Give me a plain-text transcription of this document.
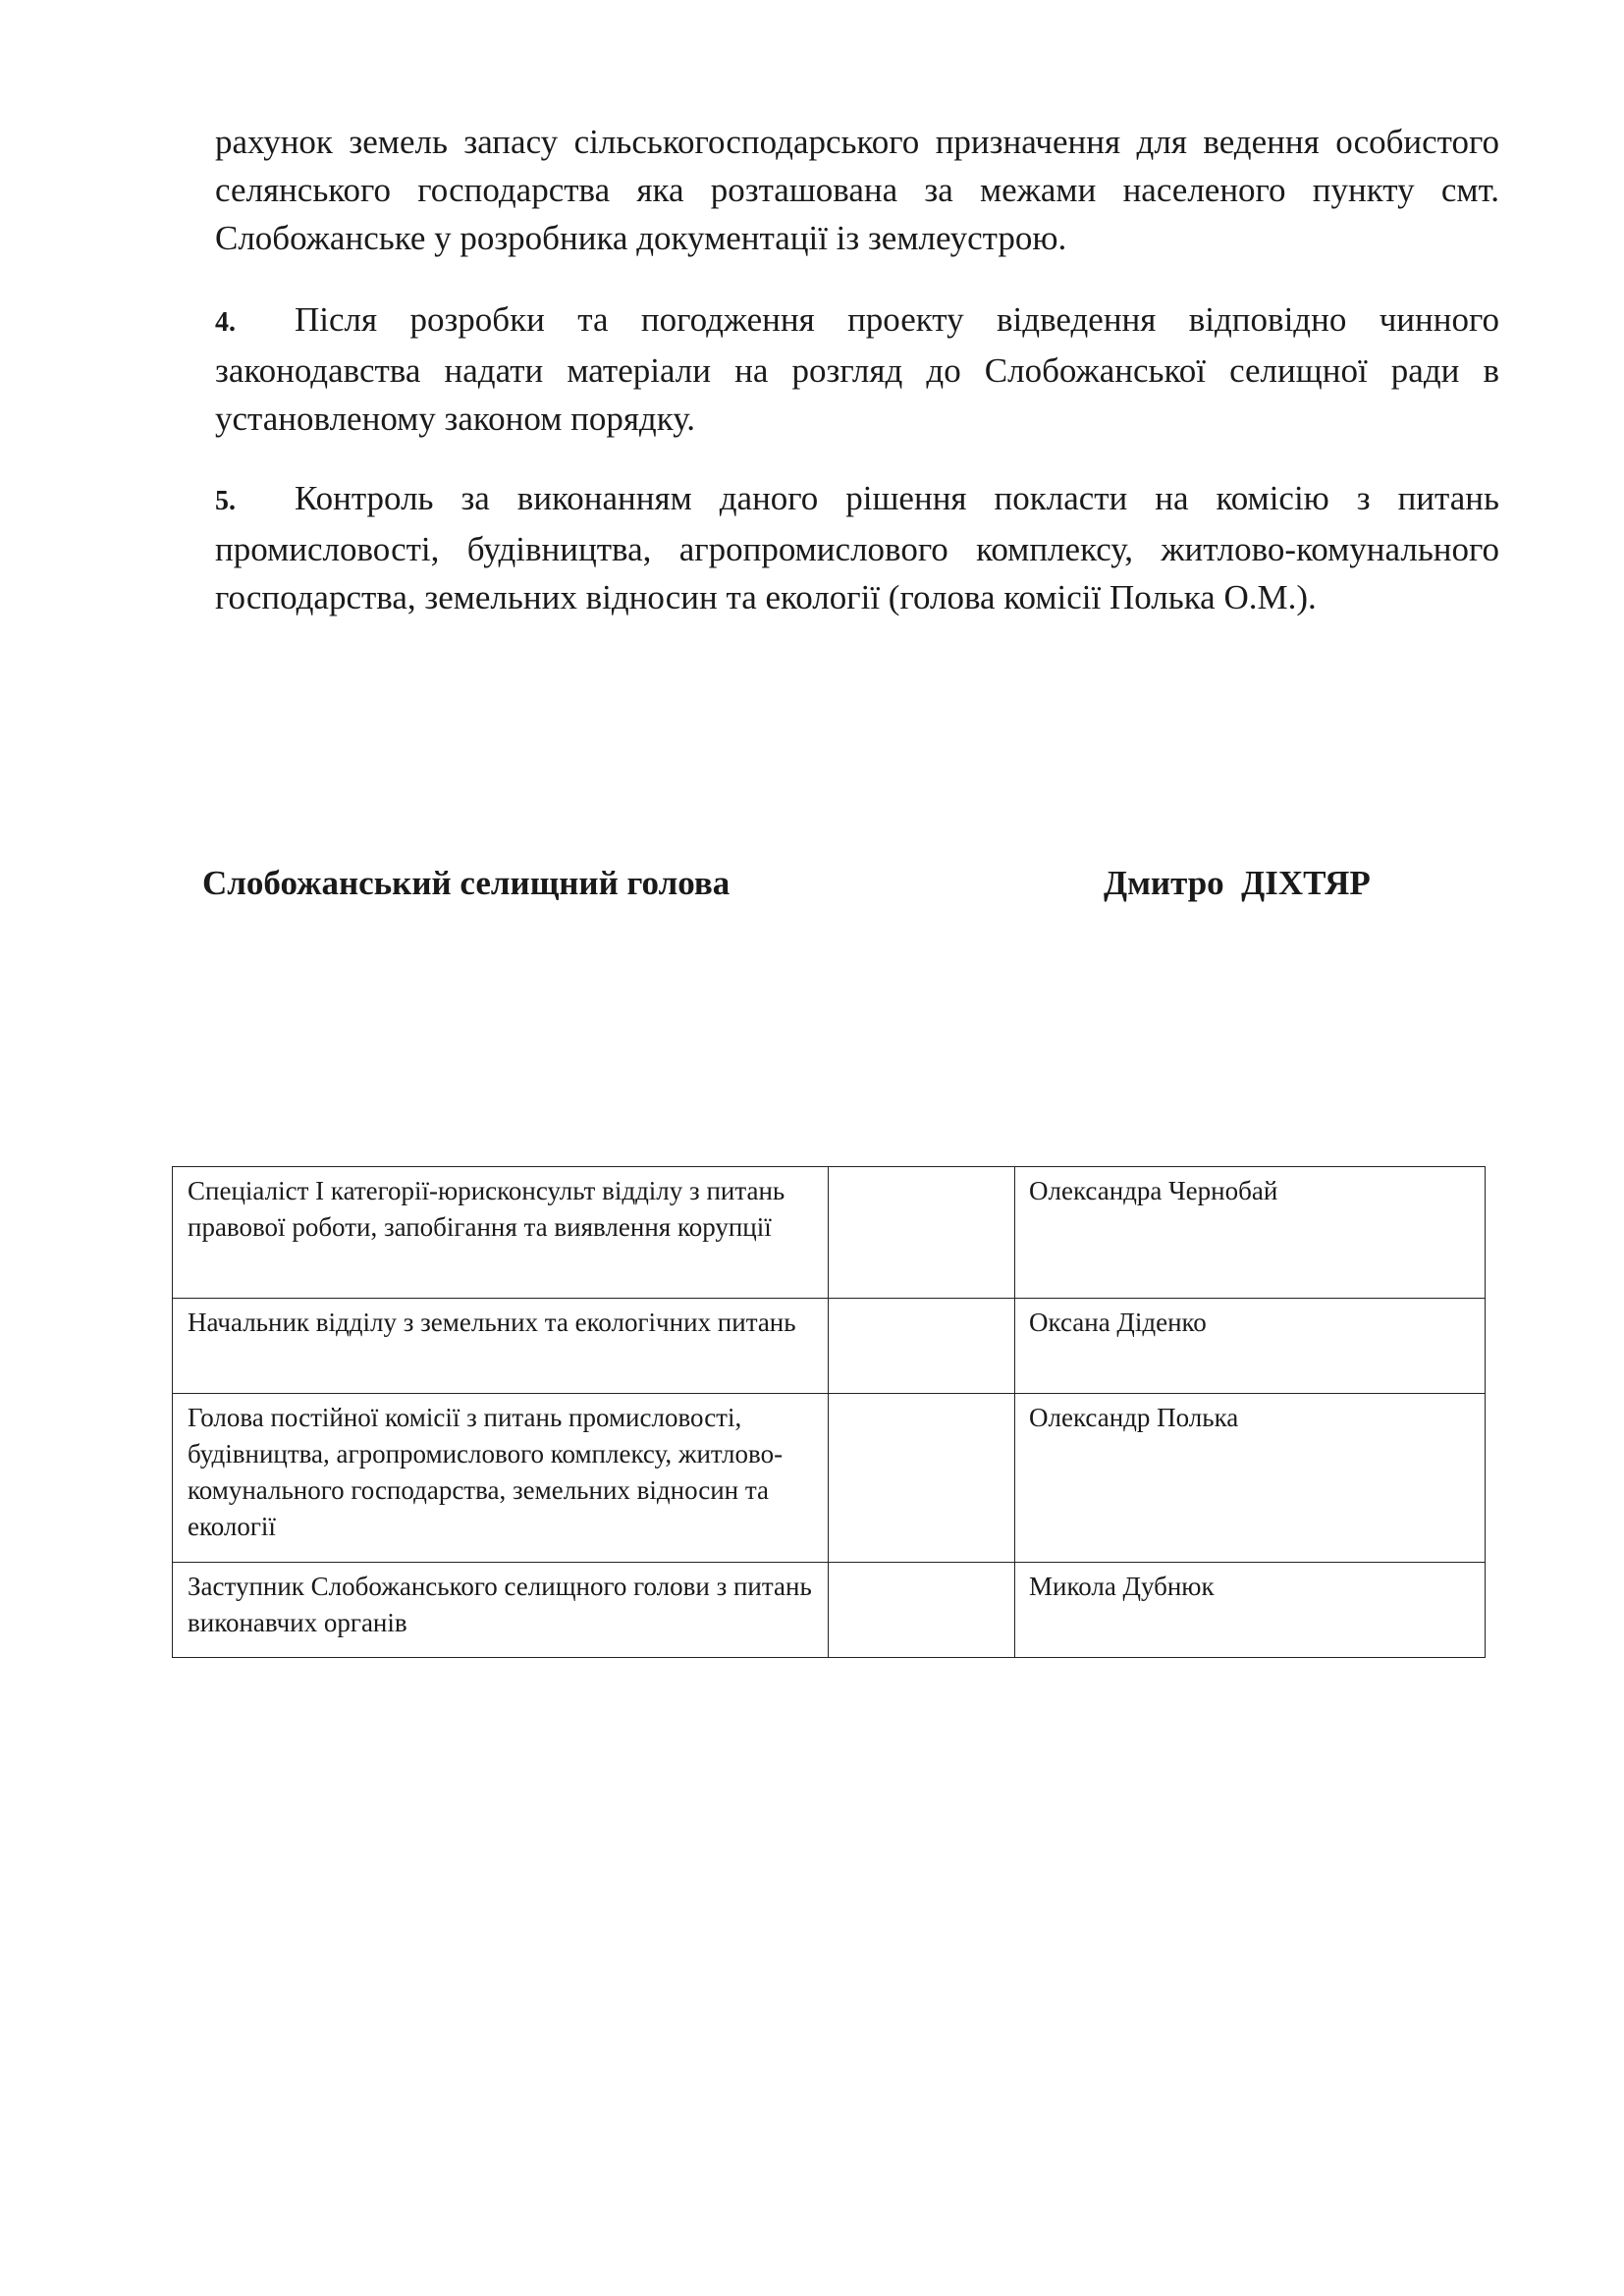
рахунок земель запасу сільськогосподарського призначення для ведення особистого селянського господарства яка розташована за межами населеного пункту смт. Слобожанське у розробника документації із землеустрою.

4. Після розробки та погодження проекту відведення відповідно чинного законодавства надати матеріали на розгляд до Слобожанської селищної ради в установленому законом порядку.

5. Контроль за виконанням даного рішення покласти на комісію з питань промисловості, будівництва, агропромислового комплексу, житлово-комунального господарства, земельних відносин та екології (голова комісії Полька О.М.).

Слобожанський селищний голова	Дмитро  ДІХТЯР

Спеціаліст І категорії-юрисконсульт відділу з питань правової роботи, запобігання та виявлення корупції		Олександра Чернобай
Начальник відділу з земельних та екологічних питань		Оксана Діденко
Голова постійної комісії з питань промисловості, будівництва, агропромислового комплексу, житлово-комунального господарства, земельних відносин та екології		Олександр Полька
Заступник Слобожанського селищного голови з питань виконавчих органів		Микола Дубнюк
